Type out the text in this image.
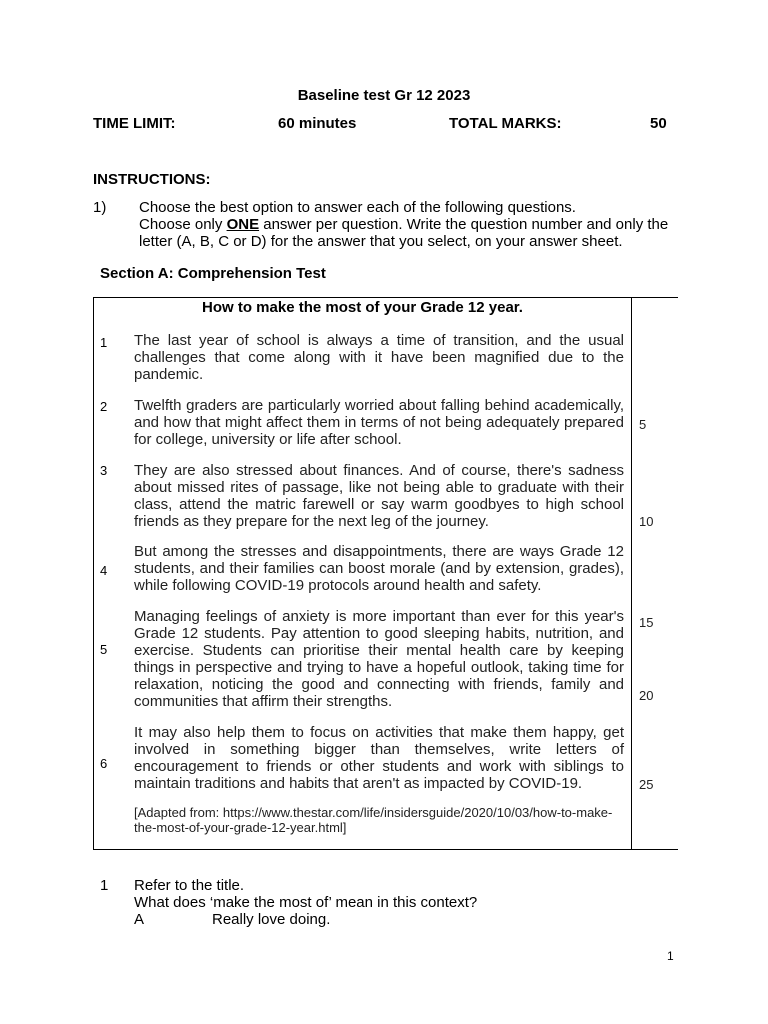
Baseline test Gr 12 2023
TIME LIMIT:	60 minutes	TOTAL MARKS:	50
INSTRUCTIONS:
1) Choose the best option to answer each of the following questions.
Choose only ONE answer per question. Write the question number and only the letter (A, B, C or D) for the answer that you select, on your answer sheet.
Section A: Comprehension Test
How to make the most of your Grade 12 year.
1 The last year of school is always a time of transition, and the usual challenges that come along with it have been magnified due to the pandemic.
2 Twelfth graders are particularly worried about falling behind academically, and how that might affect them in terms of not being adequately prepared for college, university or life after school.
3 They are also stressed about finances. And of course, there's sadness about missed rites of passage, like not being able to graduate with their class, attend the matric farewell or say warm goodbyes to high school friends as they prepare for the next leg of the journey.
4
But among the stresses and disappointments, there are ways Grade 12 students, and their families can boost morale (and by extension, grades), while following COVID-19 protocols around health and safety.
5
Managing feelings of anxiety is more important than ever for this year's Grade 12 students. Pay attention to good sleeping habits, nutrition, and exercise. Students can prioritise their mental health care by keeping things in perspective and trying to have a hopeful outlook, taking time for relaxation, noticing the good and connecting with friends, family and communities that affirm their strengths.
6
It may also help them to focus on activities that make them happy, get involved in something bigger than themselves, write letters of encouragement to friends or other students and work with siblings to maintain traditions and habits that aren't as impacted by COVID-19.
[Adapted from: https://www.thestar.com/life/insidersguide/2020/10/03/how-to-make-the-most-of-your-grade-12-year.html]
5
10
15
20
25
1 Refer to the title.
What does ‘make the most of’ mean in this context?
A	Really love doing.
1
